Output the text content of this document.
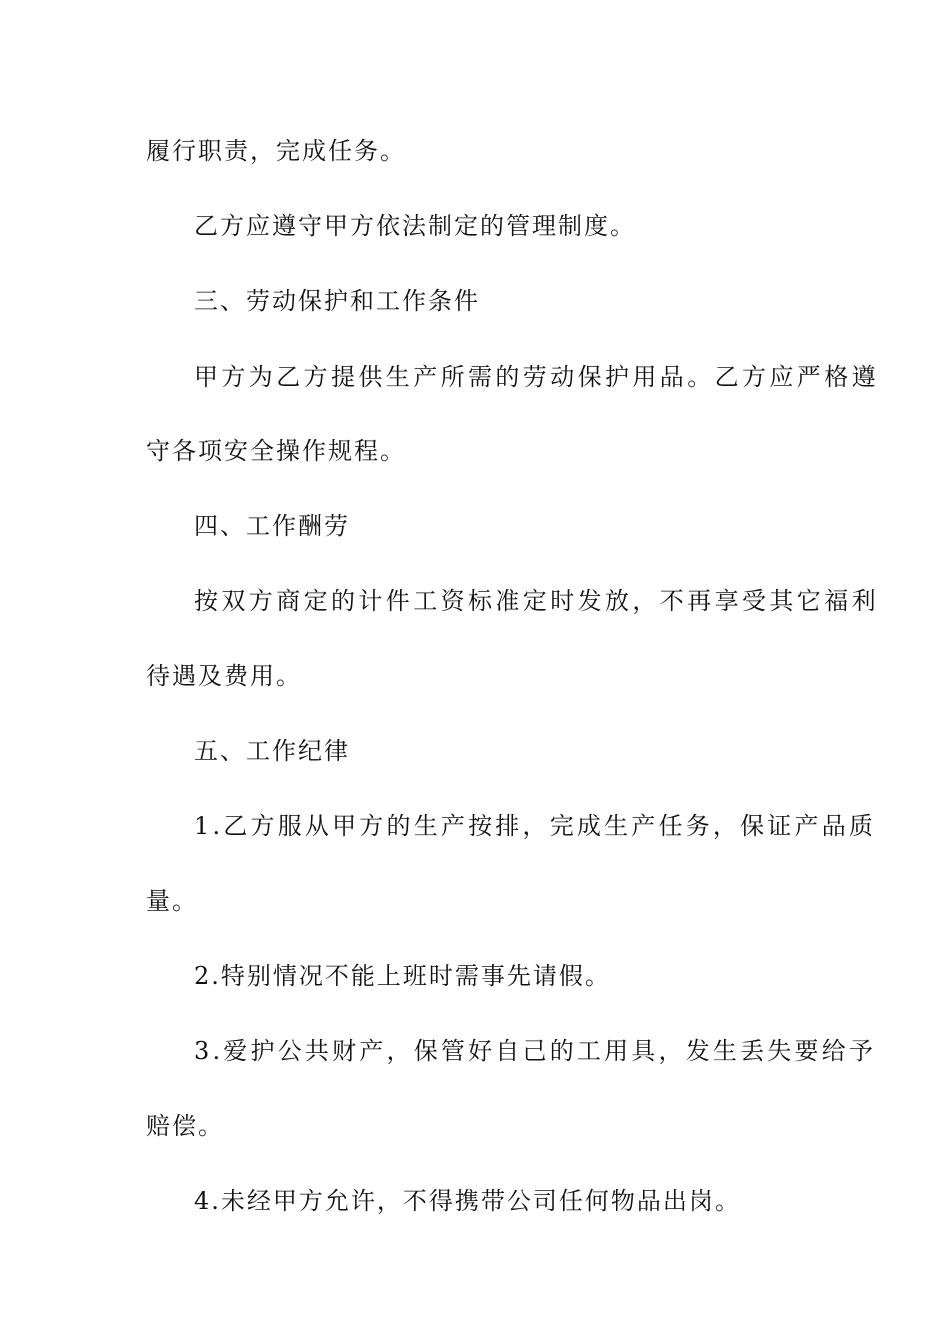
履行职责，完成任务。
乙方应遵守甲方依法制定的管理制度。
三、劳动保护和工作条件
甲方为乙方提供生产所需的劳动保护用品。乙方应严格遵
守各项安全操作规程。
四、工作酬劳
按双方商定的计件工资标准定时发放，不再享受其它福利
待遇及费用。
五、工作纪律
1.乙方服从甲方的生产按排，完成生产任务，保证产品质
量。
2.特别情况不能上班时需事先请假。
3.爱护公共财产，保管好自己的工用具，发生丢失要给予
赔偿。
4.未经甲方允许，不得携带公司任何物品出岗。
